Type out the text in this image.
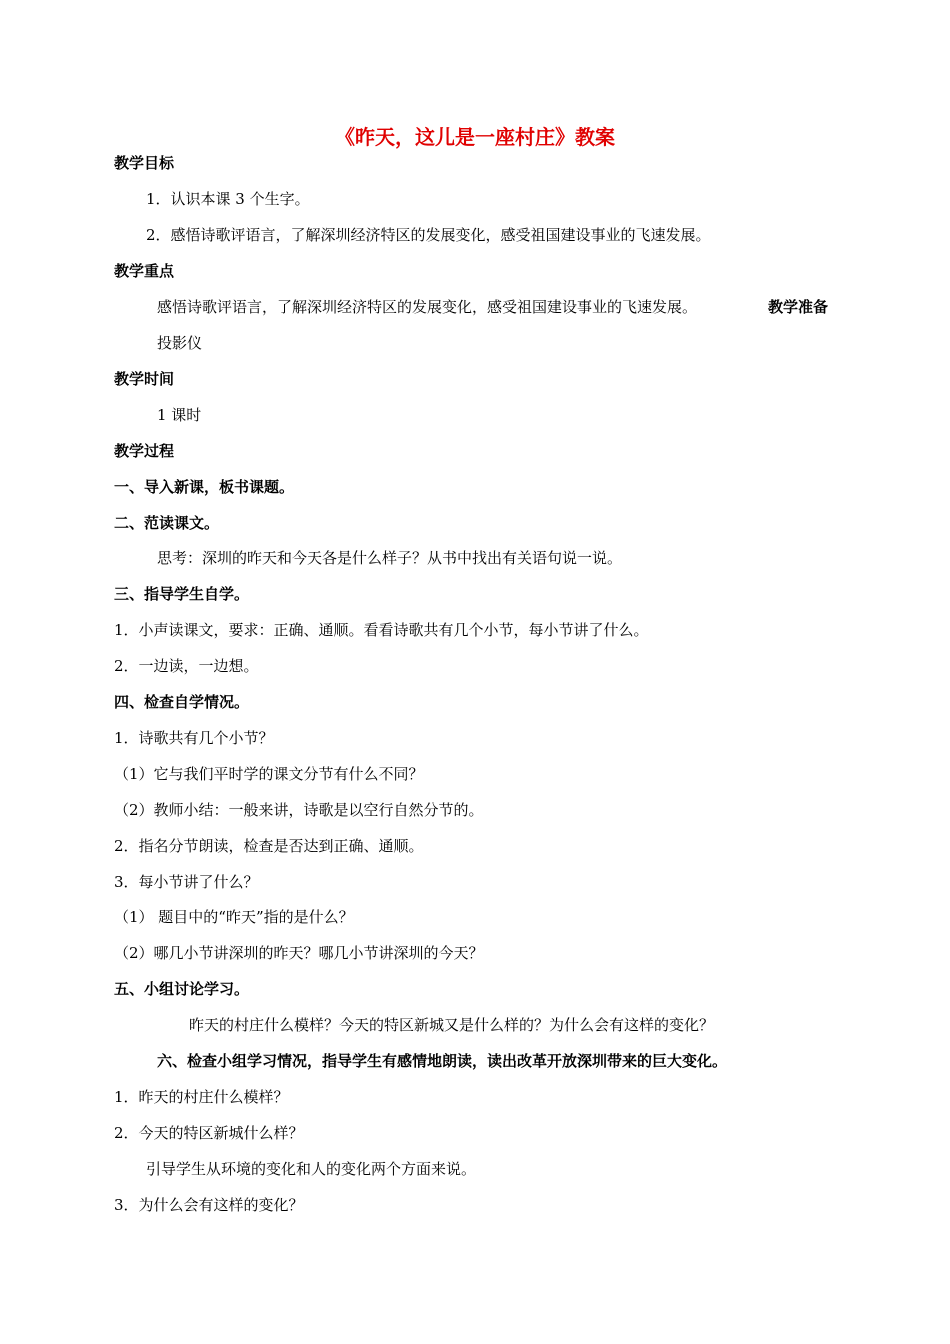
《昨天，这儿是一座村庄》教案
教学目标
1．认识本课 3 个生字。
2．感悟诗歌评语言，了解深圳经济特区的发展变化，感受祖国建设事业的飞速发展。
教学重点
感悟诗歌评语言，了解深圳经济特区的发展变化，感受祖国建设事业的飞速发展。	教学准备
投影仪
教学时间
1 课时
教学过程
一、导入新课，板书课题。
二、范读课文。
思考：深圳的昨天和今天各是什么样子？从书中找出有关语句说一说。
三、指导学生自学。
1．小声读课文，要求：正确、通顺。看看诗歌共有几个小节，每小节讲了什么。
2．一边读，一边想。
四、检查自学情况。
1．诗歌共有几个小节？
（1）它与我们平时学的课文分节有什么不同？
（2）教师小结：一般来讲，诗歌是以空行自然分节的。
2．指名分节朗读，检查是否达到正确、通顺。
3．每小节讲了什么？
（1） 题目中的“昨天”指的是什么？
（2）哪几小节讲深圳的昨天？哪几小节讲深圳的今天？
五、小组讨论学习。
昨天的村庄什么模样？今天的特区新城又是什么样的？为什么会有这样的变化？
六、检查小组学习情况，指导学生有感情地朗读，读出改革开放深圳带来的巨大变化。
1．昨天的村庄什么模样？
2．今天的特区新城什么样？
引导学生从环境的变化和人的变化两个方面来说。
3．为什么会有这样的变化？
